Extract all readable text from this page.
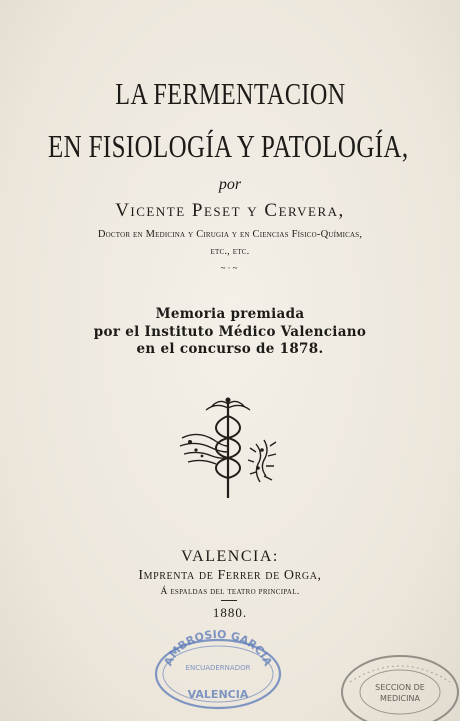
LA FERMENTACION
EN FISIOLOGÍA Y PATOLOGÍA,
por
Vicente Peset y Cervera,
Doctor en Medicina y Cirugia y en Ciencias Físico-Químicas,
etc., etc.
~·~
Memoria premiada
por el Instituto Médico Valenciano
en el concurso de 1878.
VALENCIA:
Imprenta de Ferrer de Orga,
Á espaldas del teatro principal.
1880.
AMBROSIO GARCIA
ENCUADERNADOR
VALENCIA
SECCION DE
MEDICINA
